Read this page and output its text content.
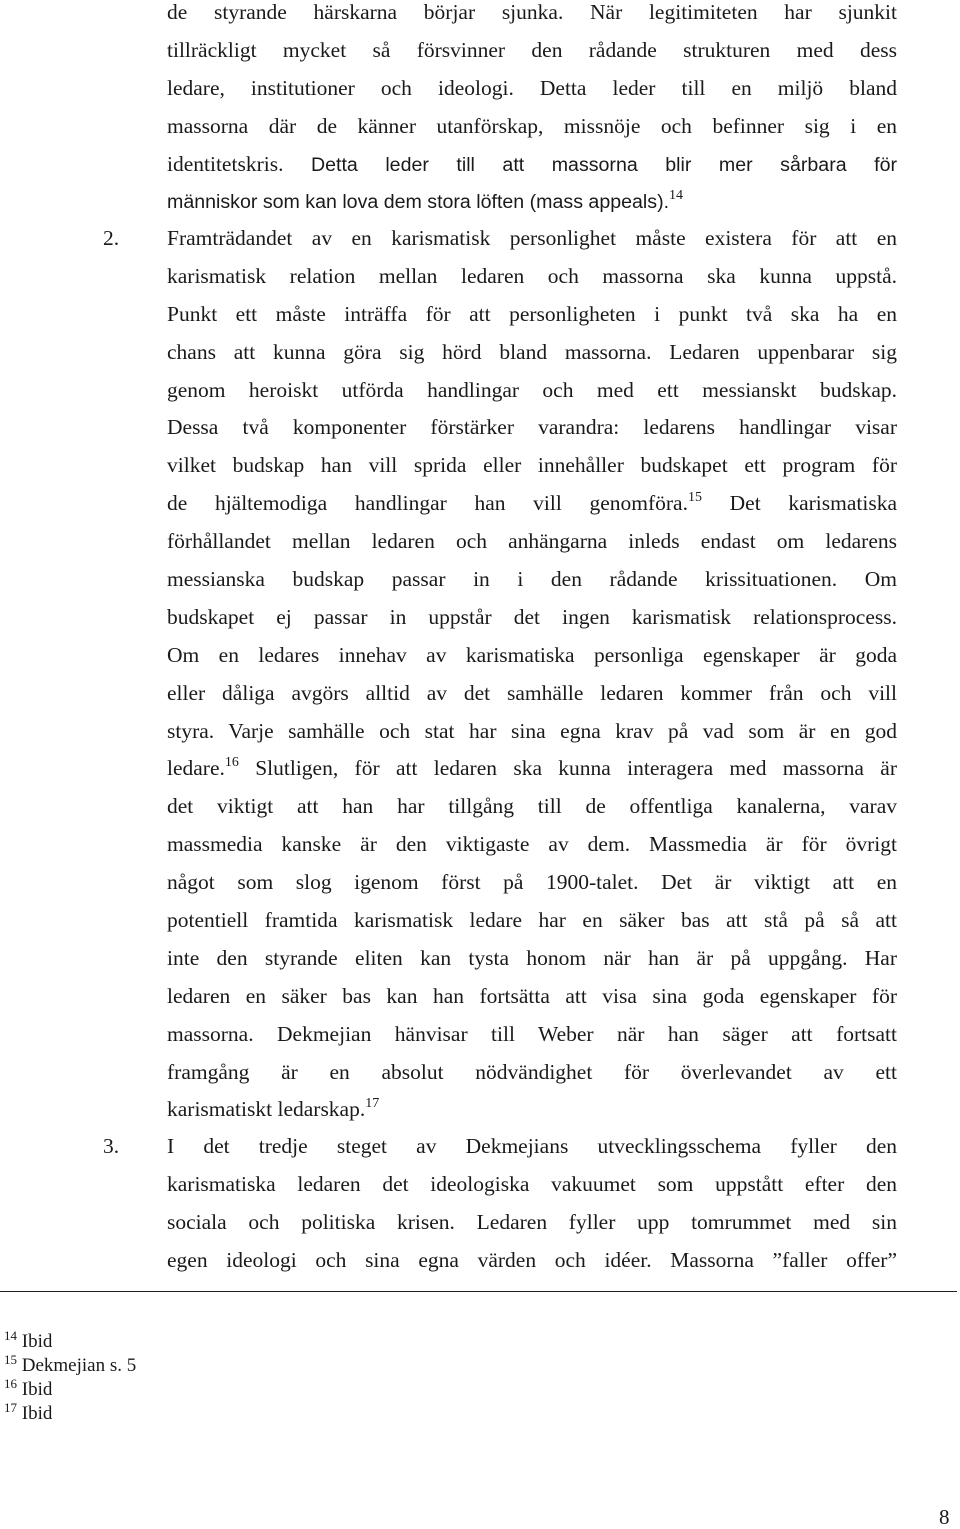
de styrande härskarna börjar sjunka. När legitimiteten har sjunkit
tillräckligt mycket så försvinner den rådande strukturen med dess
ledare, institutioner och ideologi. Detta leder till en miljö bland
massorna där de känner utanförskap, missnöje och befinner sig i en
identitetskris. Detta leder till att massorna blir mer sårbara för
människor som kan lova dem stora löften (mass appeals).$^{14}$
2. Framträdandet av en karismatisk personlighet måste existera för att en
karismatisk relation mellan ledaren och massorna ska kunna uppstå.
Punkt ett måste inträffa för att personligheten i punkt två ska ha en
chans att kunna göra sig hörd bland massorna. Ledaren uppenbarar sig
genom heroiskt utförda handlingar och med ett messianskt budskap.
Dessa två komponenter förstärker varandra: ledarens handlingar visar
vilket budskap han vill sprida eller innehåller budskapet ett program för
de hjältemodiga handlingar han vill genomföra.$^{15}$ Det karismatiska
förhållandet mellan ledaren och anhängarna inleds endast om ledarens
messianska budskap passar in i den rådande krissituationen. Om
budskapet ej passar in uppstår det ingen karismatisk relationsprocess.
Om en ledares innehav av karismatiska personliga egenskaper är goda
eller dåliga avgörs alltid av det samhälle ledaren kommer från och vill
styra. Varje samhälle och stat har sina egna krav på vad som är en god
ledare.$^{16}$ Slutligen, för att ledaren ska kunna interagera med massorna är
det viktigt att han har tillgång till de offentliga kanalerna, varav
massmedia kanske är den viktigaste av dem. Massmedia är för övrigt
något som slog igenom först på 1900-talet. Det är viktigt att en
potentiell framtida karismatisk ledare har en säker bas att stå på så att
inte den styrande eliten kan tysta honom när han är på uppgång. Har
ledaren en säker bas kan han fortsätta att visa sina goda egenskaper för
massorna. Dekmejian hänvisar till Weber när han säger att fortsatt
framgång är en absolut nödvändighet för överlevandet av ett
karismatiskt ledarskap.$^{17}$
3. I det tredje steget av Dekmejians utvecklingsschema fyller den
karismatiska ledaren det ideologiska vakuumet som uppstått efter den
sociala och politiska krisen. Ledaren fyller upp tomrummet med sin
egen ideologi och sina egna värden och idéer. Massorna ”faller offer”
$^{14}$ Ibid
$^{15}$ Dekmejian s. 5
$^{16}$ Ibid
$^{17}$ Ibid
8
